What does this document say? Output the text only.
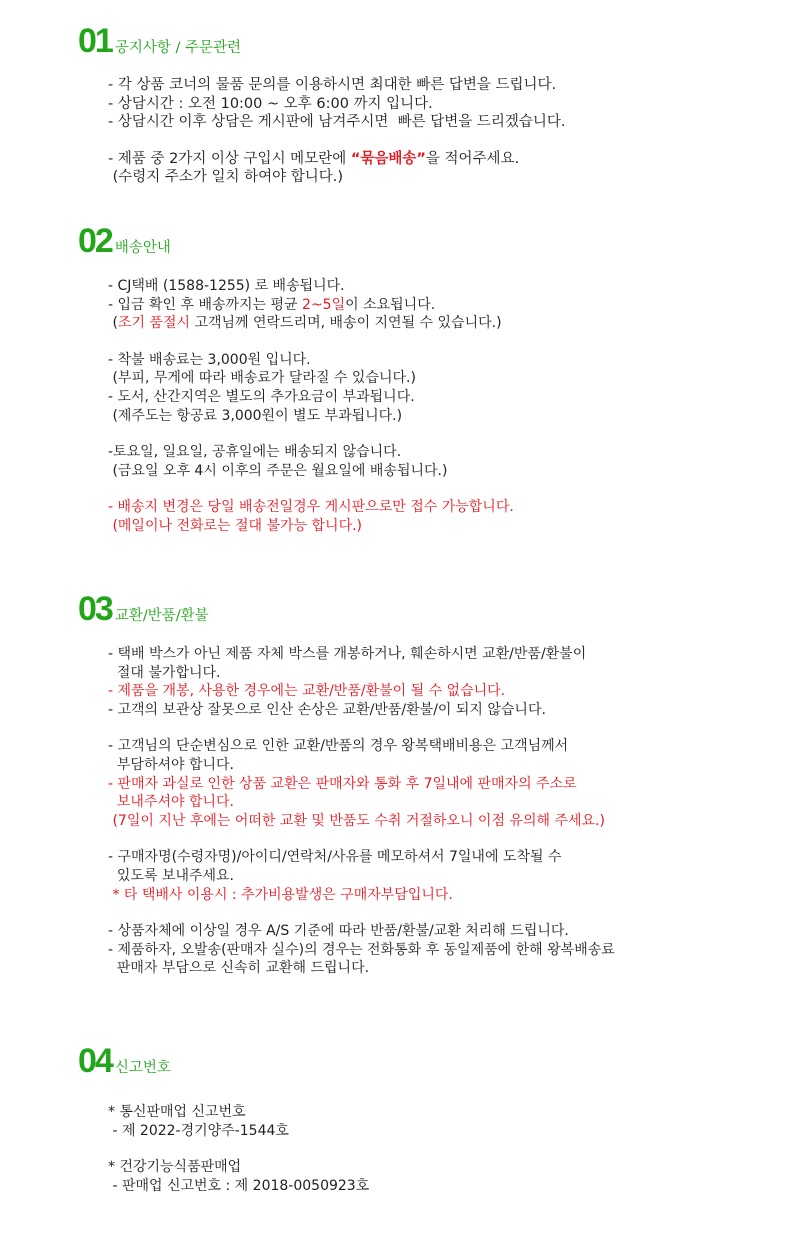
01 공지사항 / 주문관련
- 각 상품 코너의 물품 문의를 이용하시면 최대한 빠른 답변을 드립니다.
- 상담시간 : 오전 10:00 ~ 오후 6:00 까지 입니다.
- 상담시간 이후 상담은 게시판에 남겨주시면  빠른 답변을 드리겠습니다.
- 제품 중 2가지 이상 구입시 메모란에 “묶음배송”을 적어주세요.
(수령지 주소가 일치 하여야 합니다.)
02 배송안내
- CJ택배 (1588-1255) 로 배송됩니다.
- 입금 확인 후 배송까지는 평균 2~5일이 소요됩니다.
(조기 품절시 고객님께 연락드리며, 배송이 지연될 수 있습니다.)
- 착불 배송료는 3,000원 입니다.
(부피, 무게에 따라 배송료가 달라질 수 있습니다.)
- 도서, 산간지역은 별도의 추가요금이 부과됩니다.
(제주도는 항공료 3,000원이 별도 부과됩니다.)
-토요일, 일요일, 공휴일에는 배송되지 않습니다.
(금요일 오후 4시 이후의 주문은 월요일에 배송됩니다.)
- 배송지 변경은 당일 배송전일경우 게시판으로만 접수 가능합니다.
(메일이나 전화로는 절대 불가능 합니다.)
03 교환/반품/환불
- 택배 박스가 아닌 제품 자체 박스를 개봉하거나, 훼손하시면 교환/반품/환불이
절대 불가합니다.
- 제품을 개봉, 사용한 경우에는 교환/반품/환불이 될 수 없습니다.
- 고객의 보관상 잘못으로 인산 손상은 교환/반품/환불/이 되지 않습니다.
- 고객님의 단순변심으로 인한 교환/반품의 경우 왕복택배비용은 고객님께서
부담하셔야 합니다.
- 판매자 과실로 인한 상품 교환은 판매자와 통화 후 7일내에 판매자의 주소로
보내주셔야 합니다.
(7일이 지난 후에는 어떠한 교환 및 반품도 수취 거절하오니 이점 유의해 주세요.)
- 구매자명(수령자명)/아이디/연락처/사유를 메모하셔서 7일내에 도착될 수
있도록 보내주세요.
* 타 택배사 이용시 : 추가비용발생은 구매자부담입니다.
- 상품자체에 이상일 경우 A/S 기준에 따라 반품/환불/교환 처리해 드립니다.
- 제품하자, 오발송(판매자 실수)의 경우는 전화통화 후 동일제품에 한해 왕복배송료
판매자 부담으로 신속히 교환해 드립니다.
04 신고번호
* 통신판매업 신고번호
- 제 2022-경기양주-1544호
* 건강기능식품판매업
- 판매업 신고번호 : 제 2018-0050923호
